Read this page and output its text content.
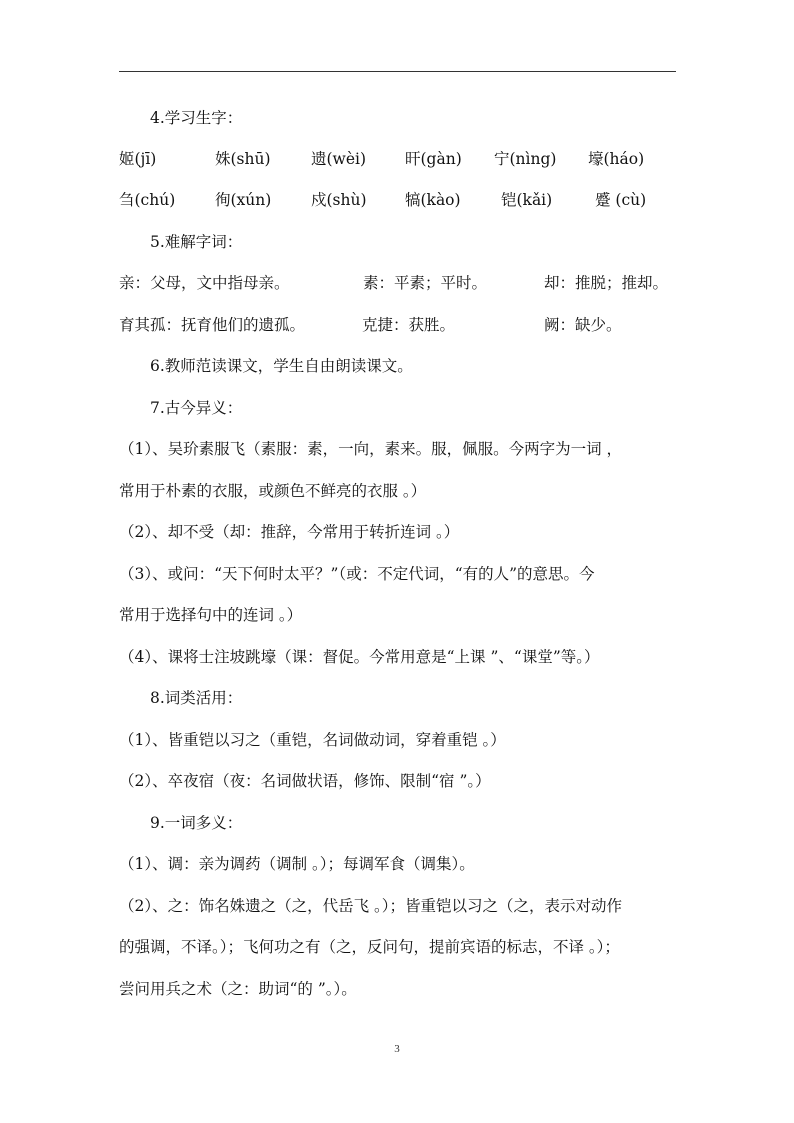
4.学习生字：
姬(jī)	姝(shū)	遗(wèi)	旰(gàn) 宁(nìng) 壕(háo)
刍(chú)	徇(xún)	戍(shù) 犒(kào)	铠(kǎi)	蹙 (cù)
5.难解字词：
亲：父母，文中指母亲。	素：平素；平时。	却：推脱；推却。
育其孤：抚育他们的遗孤。	克捷：获胜。	阙：缺少。
6.教师范读课文，学生自由朗读课文。
7.古今异义：
（1）、吴玠素服飞（素服：素，一向，素来。服，佩服。今两字为一词 ，
常用于朴素的衣服，或颜色不鲜亮的衣服 。）
（2）、却不受（却：推辞，今常用于转折连词 。）
（3）、或问：“天下何时太平？”（或：不定代词，“有的人”的意思。今
常用于选择句中的连词 。）
（4）、课将士注坡跳壕（课：督促。今常用意是“上课 ”、“课堂”等。）
8.词类活用：
（1）、皆重铠以习之（重铠，名词做动词，穿着重铠 。）
（2）、卒夜宿（夜：名词做状语，修饰、限制“宿 ”。）
9.一词多义：
（1）、调：亲为调药（调制 。）；每调军食（调集）。
（2）、之：饰名姝遗之（之，代岳飞 。）；皆重铠以习之（之，表示对动作
的强调，不译。）；飞何功之有（之，反问句，提前宾语的标志，不译 。）；
尝问用兵之术（之：助词“的 ”。）。
3
